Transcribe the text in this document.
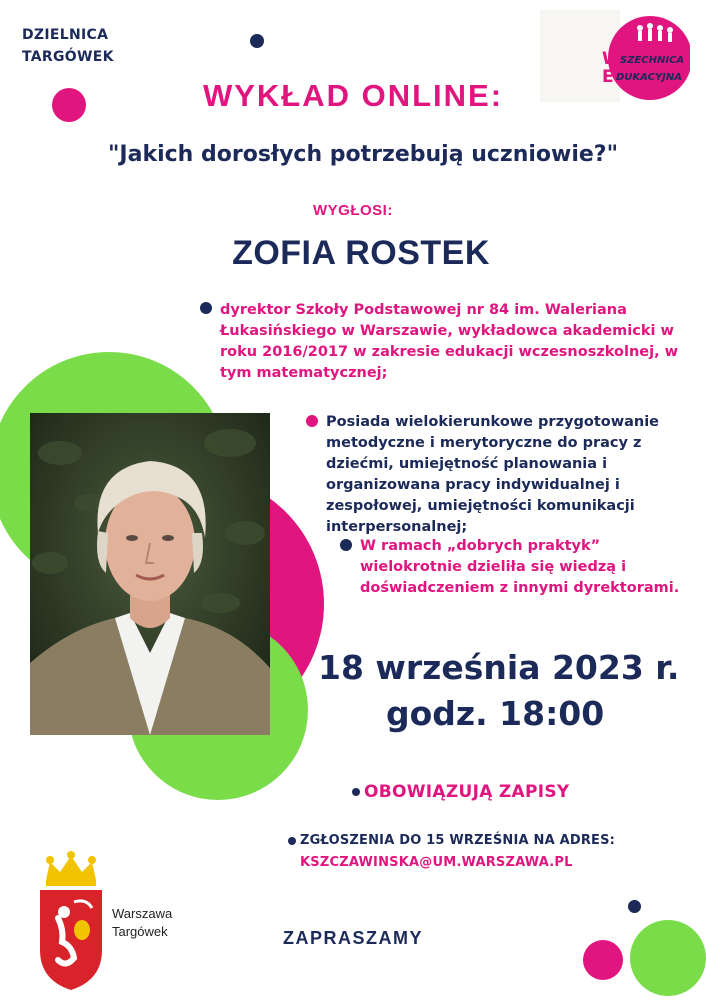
DZIELNICA
TARGÓWEK	W SZECHNICA
E DUKACYJNA
WYKŁAD ONLINE:
"Jakich dorosłych potrzebują uczniowie?"
WYGŁOSI:
ZOFIA ROSTEK

dyrektor Szkoły Podstawowej nr 84 im. Waleriana Łukasińskiego w Warszawie, wykładowca akademicki w roku 2016/2017 w zakresie edukacji wczesnoszkolnej, w tym matematycznej;

Posiada wielokierunkowe przygotowanie metodyczne i merytoryczne do pracy z dziećmi, umiejętność planowania i organizowana pracy indywidualnej i zespołowej, umiejętności komunikacji interpersonalnej;

W ramach „dobrych praktyk” wielokrotnie dzieliła się wiedzą i doświadczeniem z innymi dyrektorami.

18 września 2023 r.
godz. 18:00
OBOWIĄZUJĄ ZAPISY
ZGŁOSZENIA DO 15 WRZEŚNIA NA ADRES:
KSZCZAWINSKA@UM.WARSZAWA.PL
Warszawa
Targówek	ZAPRASZAMY
